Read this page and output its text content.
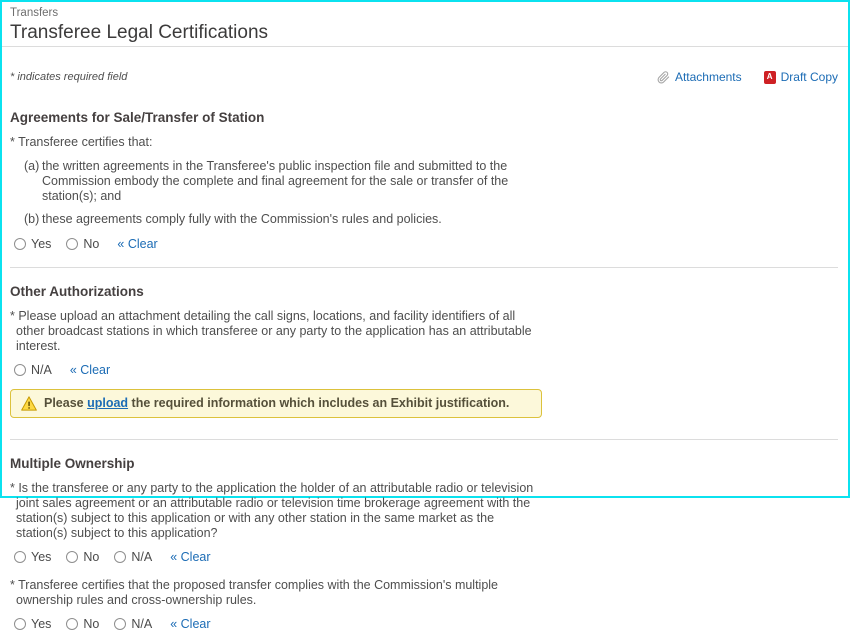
Transfers
Transferee Legal Certifications
* indicates required field	Attachments	A Draft Copy
Agreements for Sale/Transfer of Station

* Transferee certifies that:

(a) the written agreements in the Transferee's public inspection file and submitted to the Commission embody the complete and final agreement for the sale or transfer of the station(s); and
(b) these agreements comply fully with the Commission's rules and policies.
Yes	No « Clear
Other Authorizations

* Please upload an attachment detailing the call signs, locations, and facility identifiers of all other broadcast stations in which transferee or any party to the application has an attributable interest.

N/A « Clear
Please upload the required information which includes an Exhibit justification.
Multiple Ownership

* Is the transferee or any party to the application the holder of an attributable radio or television joint sales agreement or an attributable radio or television time brokerage agreement with the station(s) subject to this application or with any other station in the same market as the station(s) subject to this application?

Yes	No	N/A « Clear

* Transferee certifies that the proposed transfer complies with the Commission's multiple ownership rules and cross-ownership rules.

Yes	No	N/A « Clear
